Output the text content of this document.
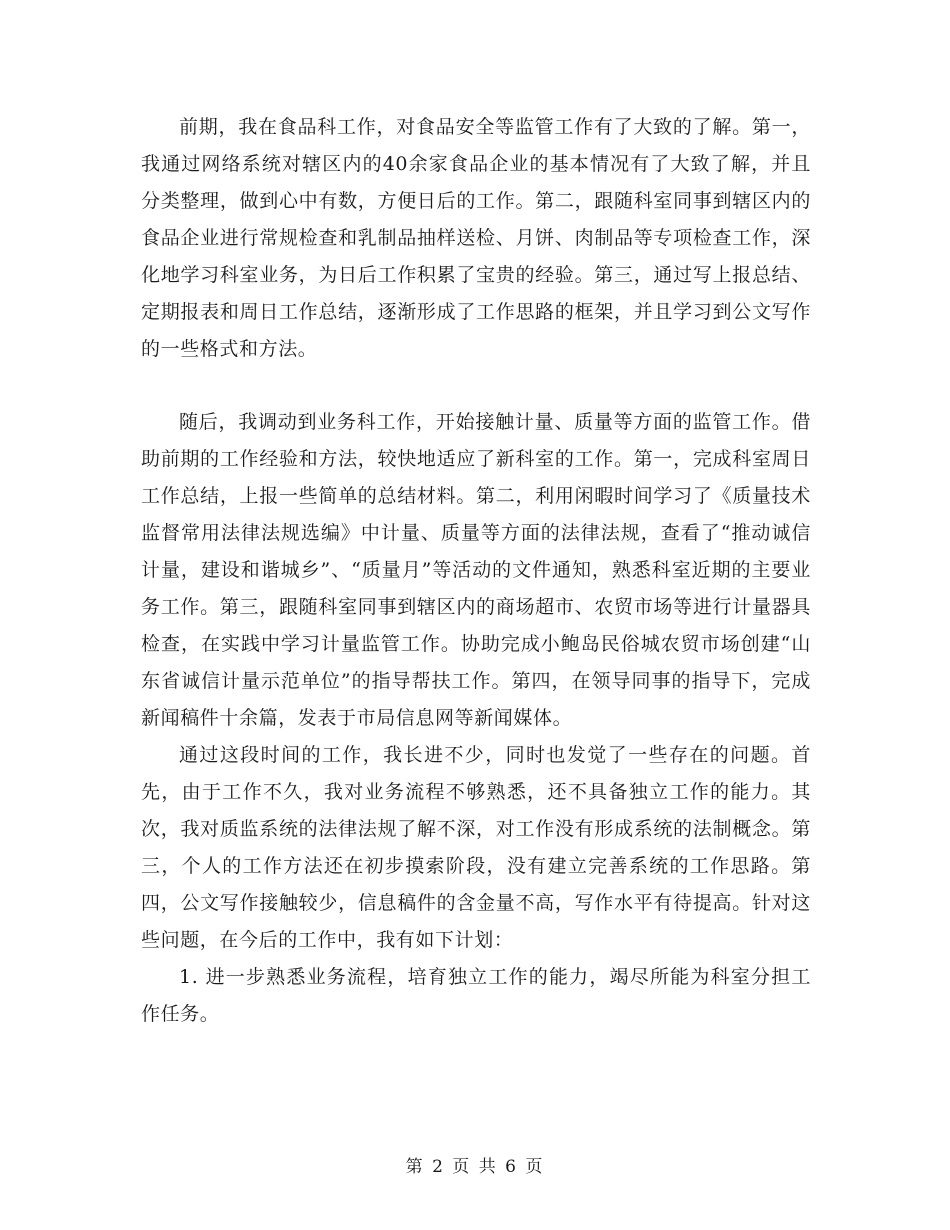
前期，我在食品科工作，对食品安全等监管工作有了大致的了解。第一，我通过网络系统对辖区内的40余家食品企业的基本情况有了大致了解，并且分类整理，做到心中有数，方便日后的工作。第二，跟随科室同事到辖区内的食品企业进行常规检查和乳制品抽样送检、月饼、肉制品等专项检查工作，深化地学习科室业务，为日后工作积累了宝贵的经验。第三，通过写上报总结、定期报表和周日工作总结，逐渐形成了工作思路的框架，并且学习到公文写作的一些格式和方法。

随后，我调动到业务科工作，开始接触计量、质量等方面的监管工作。借助前期的工作经验和方法，较快地适应了新科室的工作。第一，完成科室周日工作总结，上报一些简单的总结材料。第二，利用闲暇时间学习了《质量技术监督常用法律法规选编》中计量、质量等方面的法律法规，查看了“推动诚信计量，建设和谐城乡”、“质量月”等活动的文件通知，熟悉科室近期的主要业务工作。第三，跟随科室同事到辖区内的商场超市、农贸市场等进行计量器具检查，在实践中学习计量监管工作。协助完成小鲍岛民俗城农贸市场创建“山东省诚信计量示范单位”的指导帮扶工作。第四，在领导同事的指导下，完成新闻稿件十余篇，发表于市局信息网等新闻媒体。

通过这段时间的工作，我长进不少，同时也发觉了一些存在的问题。首先，由于工作不久，我对业务流程不够熟悉，还不具备独立工作的能力。其次，我对质监系统的法律法规了解不深，对工作没有形成系统的法制概念。第三，个人的工作方法还在初步摸索阶段，没有建立完善系统的工作思路。第四，公文写作接触较少，信息稿件的含金量不高，写作水平有待提高。针对这些问题，在今后的工作中，我有如下计划：

1. 进一步熟悉业务流程，培育独立工作的能力，竭尽所能为科室分担工作任务。

第 2 页 共 6 页
